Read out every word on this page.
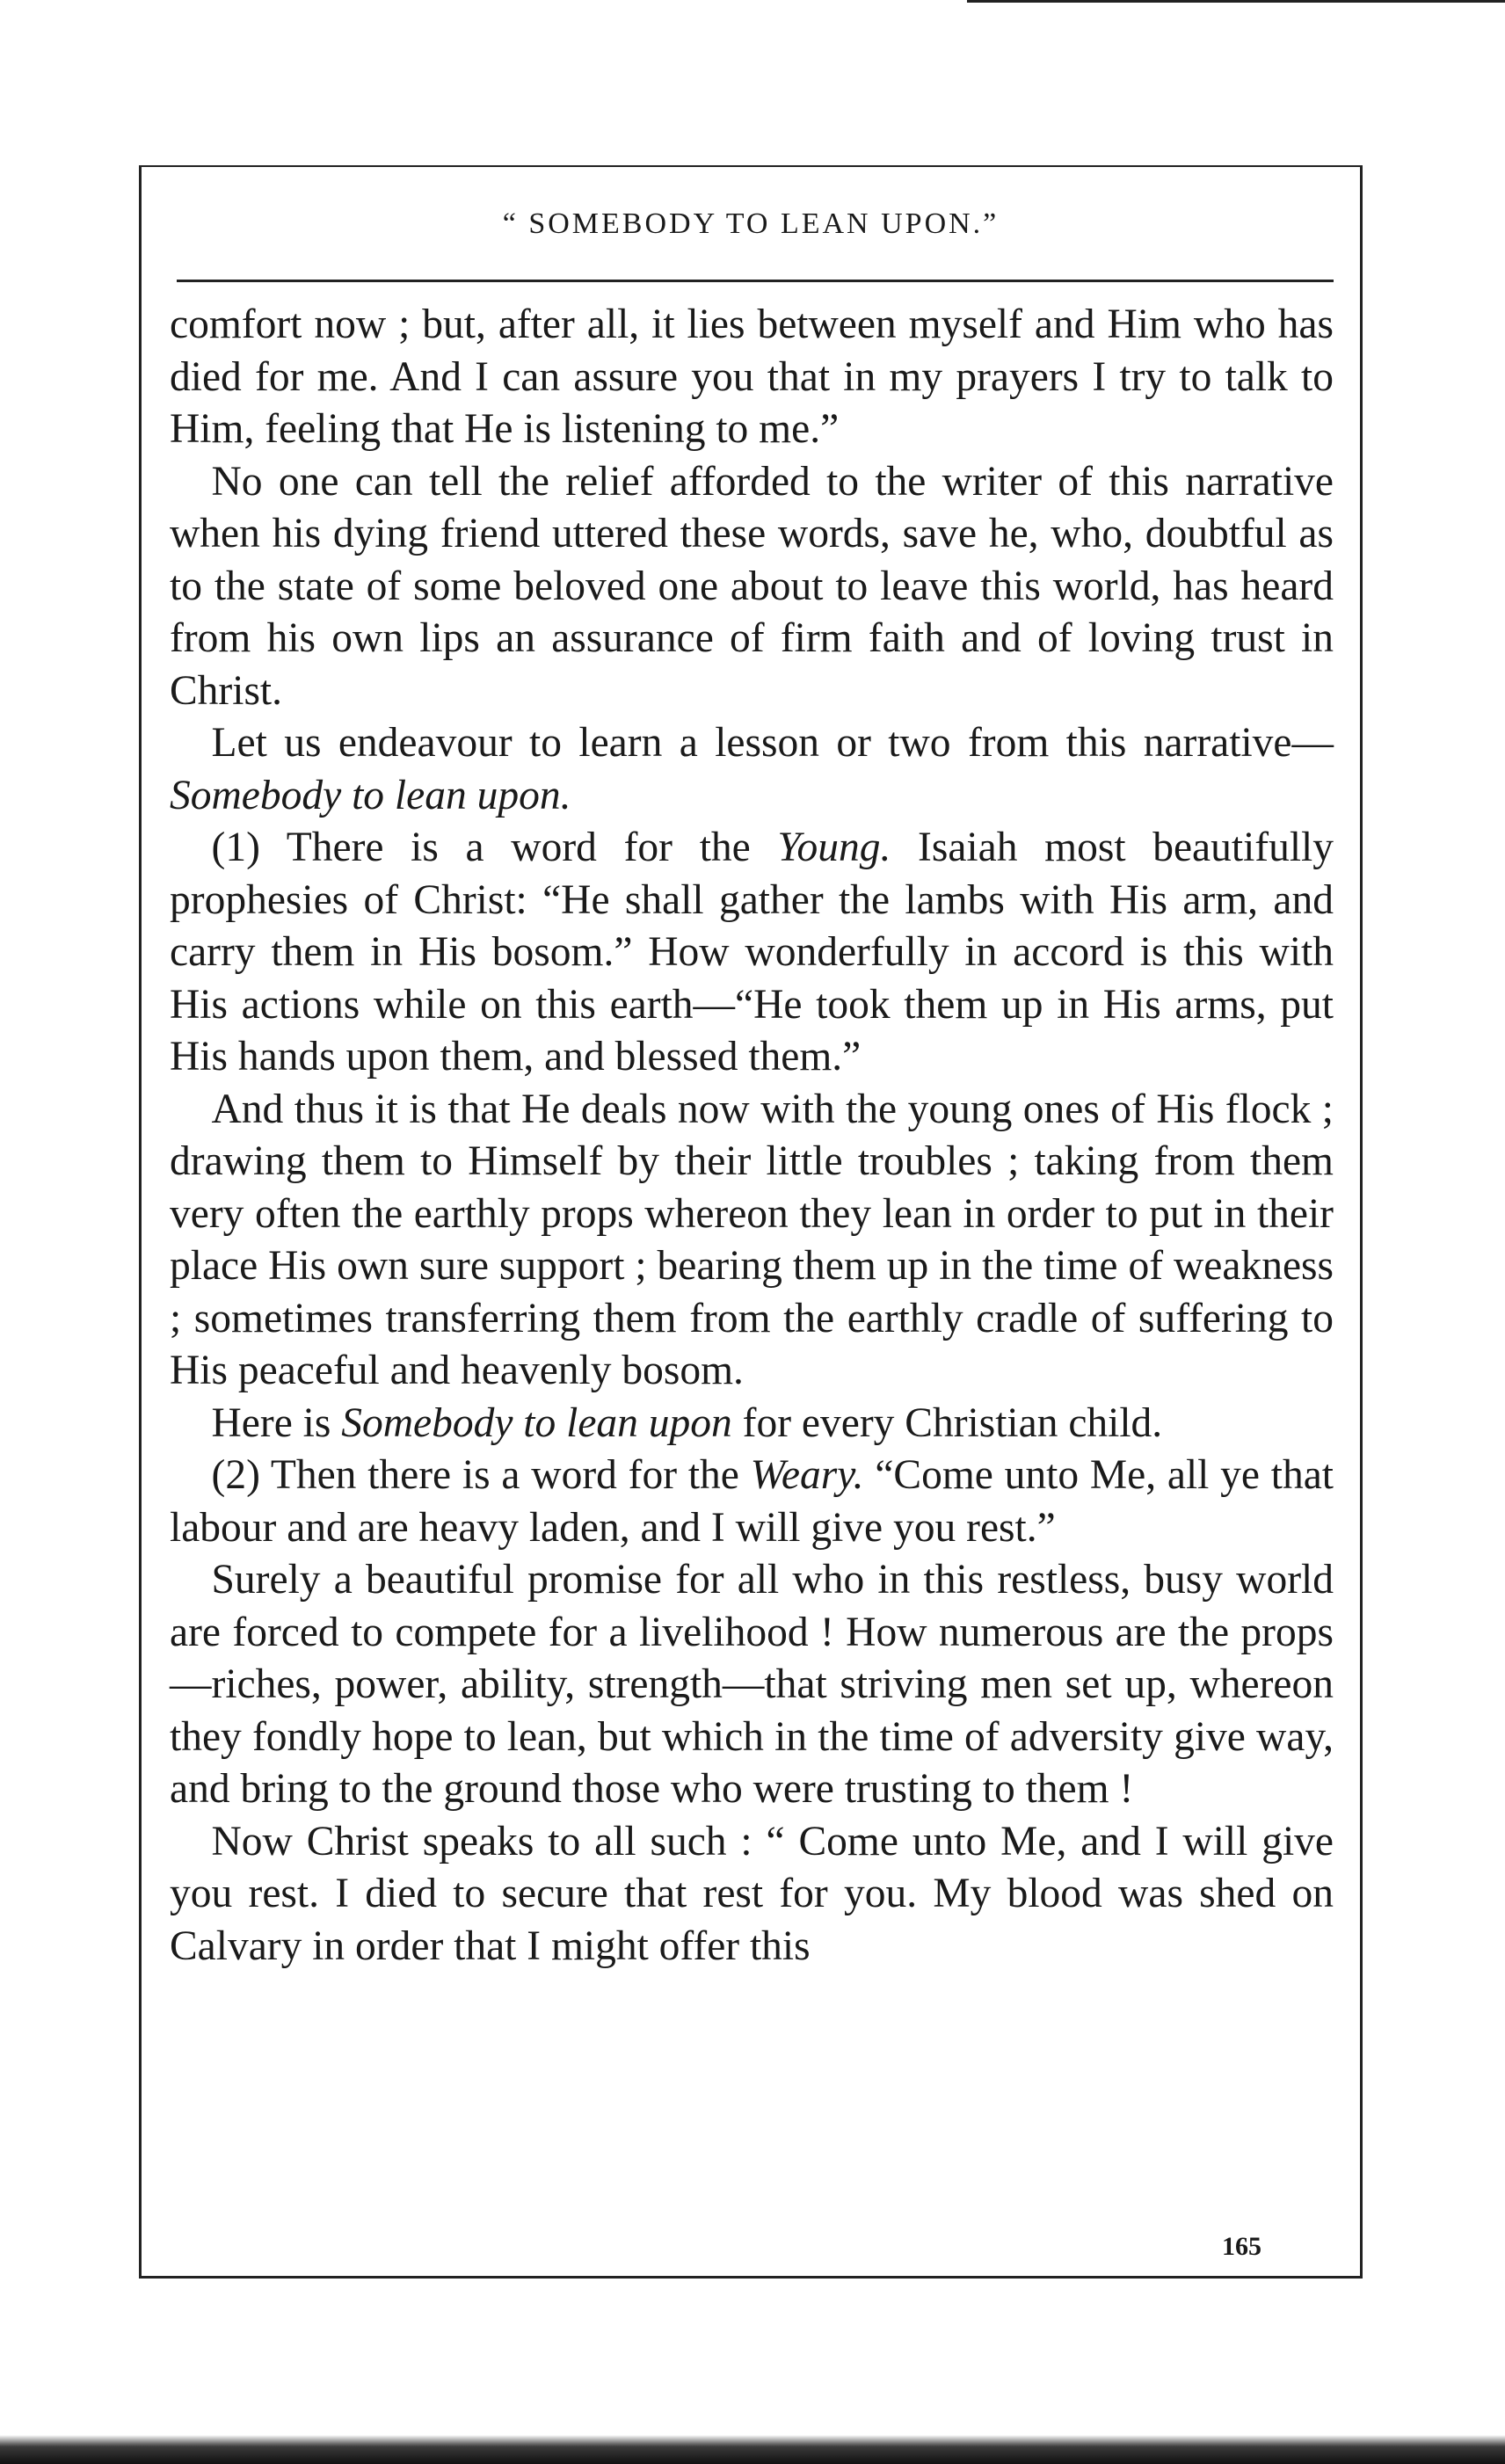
“ SOMEBODY TO LEAN UPON.”

comfort now ; but, after all, it lies between myself and Him who has died for me. And I can assure you that in my prayers I try to talk to Him, feeling that He is listening to me.”

No one can tell the relief afforded to the writer of this narrative when his dying friend uttered these words, save he, who, doubtful as to the state of some beloved one about to leave this world, has heard from his own lips an assurance of firm faith and of loving trust in Christ.

Let us endeavour to learn a lesson or two from this narrative—Somebody to lean upon.

(1) There is a word for the Young. Isaiah most beautifully prophesies of Christ: “He shall gather the lambs with His arm, and carry them in His bosom.” How wonderfully in accord is this with His actions while on this earth—“He took them up in His arms, put His hands upon them, and blessed them.”

And thus it is that He deals now with the young ones of His flock ; drawing them to Himself by their little troubles ; taking from them very often the earthly props whereon they lean in order to put in their place His own sure support ; bearing them up in the time of weakness ; sometimes transferring them from the earthly cradle of suffering to His peaceful and heavenly bosom.

Here is Somebody to lean upon for every Christian child.

(2) Then there is a word for the Weary. “Come unto Me, all ye that labour and are heavy laden, and I will give you rest.”

Surely a beautiful promise for all who in this restless, busy world are forced to compete for a livelihood ! How numerous are the props—riches, power, ability, strength—that striving men set up, whereon they fondly hope to lean, but which in the time of adversity give way, and bring to the ground those who were trusting to them !

Now Christ speaks to all such : “ Come unto Me, and I will give you rest. I died to secure that rest for you. My blood was shed on Calvary in order that I might offer this

165
